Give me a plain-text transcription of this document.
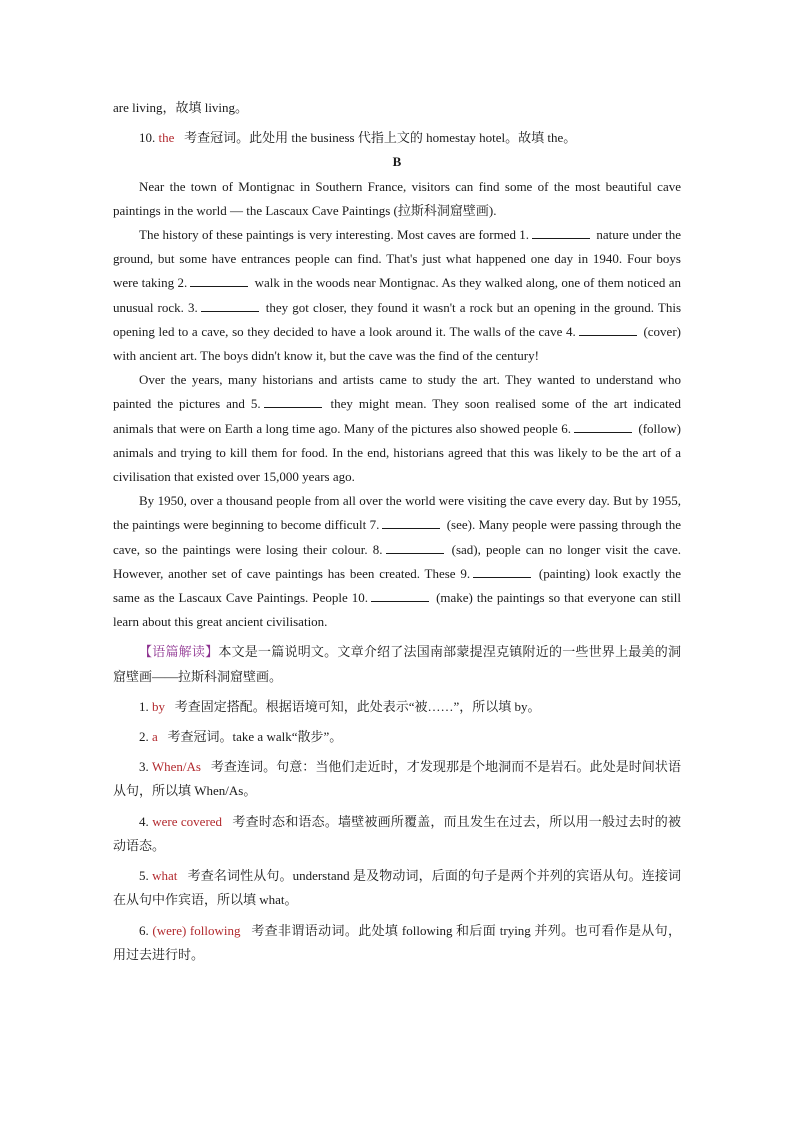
are living，故填 living。

10. the 考查冠词。此处用 the business 代指上文的 homestay hotel。故填 the。

B

Near the town of Montignac in Southern France, visitors can find some of the most beautiful cave paintings in the world — the Lascaux Cave Paintings (拉斯科洞窟壁画).

The history of these paintings is very interesting. Most caves are formed 1.	nature under the ground, but some have entrances people can find. That's just what happened one day in 1940. Four boys were taking 2.	walk in the woods near Montignac. As they walked along, one of them noticed an unusual rock. 3.	they got closer, they found it wasn't a rock but an opening in the ground. This opening led to a cave, so they decided to have a look around it. The walls of the cave 4.	(cover) with ancient art. The boys didn't know it, but the cave was the find of the century!

Over the years, many historians and artists came to study the art. They wanted to understand who painted the pictures and 5.	they might mean. They soon realised some of the art indicated animals that were on Earth a long time ago. Many of the pictures also showed people 6.	(follow) animals and trying to kill them for food. In the end, historians agreed that this was likely to be the art of a civilisation that existed over 15,000 years ago.

By 1950, over a thousand people from all over the world were visiting the cave every day. But by 1955, the paintings were beginning to become difficult 7.	(see). Many people were passing through the cave, so the paintings were losing their colour. 8.	(sad), people can no longer visit the cave. However, another set of cave paintings has been created. These 9.	(painting) look exactly the same as the Lascaux Cave Paintings. People 10.	(make) the paintings so that everyone can still learn about this great ancient civilisation.

【语篇解读】本文是一篇说明文。文章介绍了法国南部蒙提涅克镇附近的一些世界上最美的洞窟壁画——拉斯科洞窟壁画。

1. by 考查固定搭配。根据语境可知，此处表示“被……”，所以填 by。

2. a 考查冠词。take a walk“散步”。

3. When/As 考查连词。句意：当他们走近时，才发现那是个地洞而不是岩石。此处是时间状语从句，所以填 When/As。

4. were covered 考查时态和语态。墙壁被画所覆盖，而且发生在过去，所以用一般过去时的被动语态。

5. what 考查名词性从句。understand 是及物动词，后面的句子是两个并列的宾语从句。连接词在从句中作宾语，所以填 what。

6. (were) following 考查非谓语动词。此处填 following 和后面 trying 并列。也可看作是从句，用过去进行时。
